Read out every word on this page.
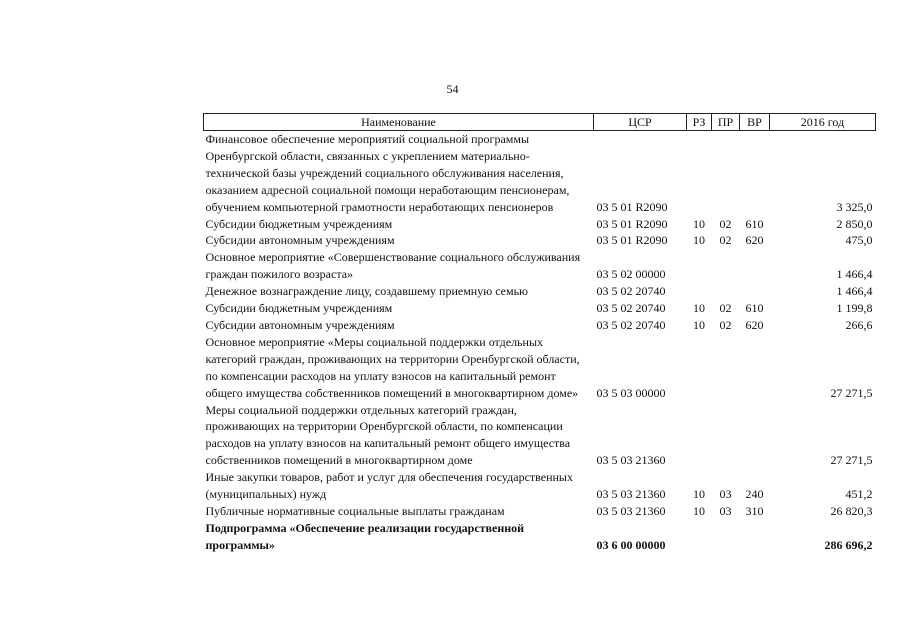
54
Наименование	ЦСР	РЗ	ПР	ВР	2016 год
Финансовое обеспечение мероприятий социальной программы Оренбургской области, связанных с укреплением материально-технической базы учреждений социального обслуживания населения, оказанием адресной социальной помощи неработающим пенсионерам, обучением компьютерной грамотности неработающих пенсионеров	03 5 01 R2090				3 325,0
Субсидии бюджетным учреждениям	03 5 01 R2090	10	02	610	2 850,0
Субсидии автономным учреждениям	03 5 01 R2090	10	02	620	475,0
Основное мероприятие «Совершенствование социального обслуживания граждан пожилого возраста»	03 5 02 00000				1 466,4
Денежное вознаграждение лицу, создавшему приемную семью	03 5 02 20740				1 466,4
Субсидии бюджетным учреждениям	03 5 02 20740	10	02	610	1 199,8
Субсидии автономным учреждениям	03 5 02 20740	10	02	620	266,6
Основное мероприятие «Меры социальной поддержки отдельных категорий граждан, проживающих на территории Оренбургской области, по компенсации расходов на уплату взносов на капитальный ремонт общего имущества собственников помещений в многоквартирном доме»	03 5 03 00000				27 271,5
Меры социальной поддержки отдельных категорий граждан, проживающих на территории Оренбургской области, по компенсации расходов на уплату взносов на капитальный ремонт общего имущества собственников помещений в многоквартирном доме	03 5 03 21360				27 271,5
Иные закупки товаров, работ и услуг для обеспечения государственных (муниципальных) нужд	03 5 03 21360	10	03	240	451,2
Публичные нормативные социальные выплаты гражданам	03 5 03 21360	10	03	310	26 820,3
Подпрограмма «Обеспечение реализации государственной программы»	03 6 00 00000				286 696,2
